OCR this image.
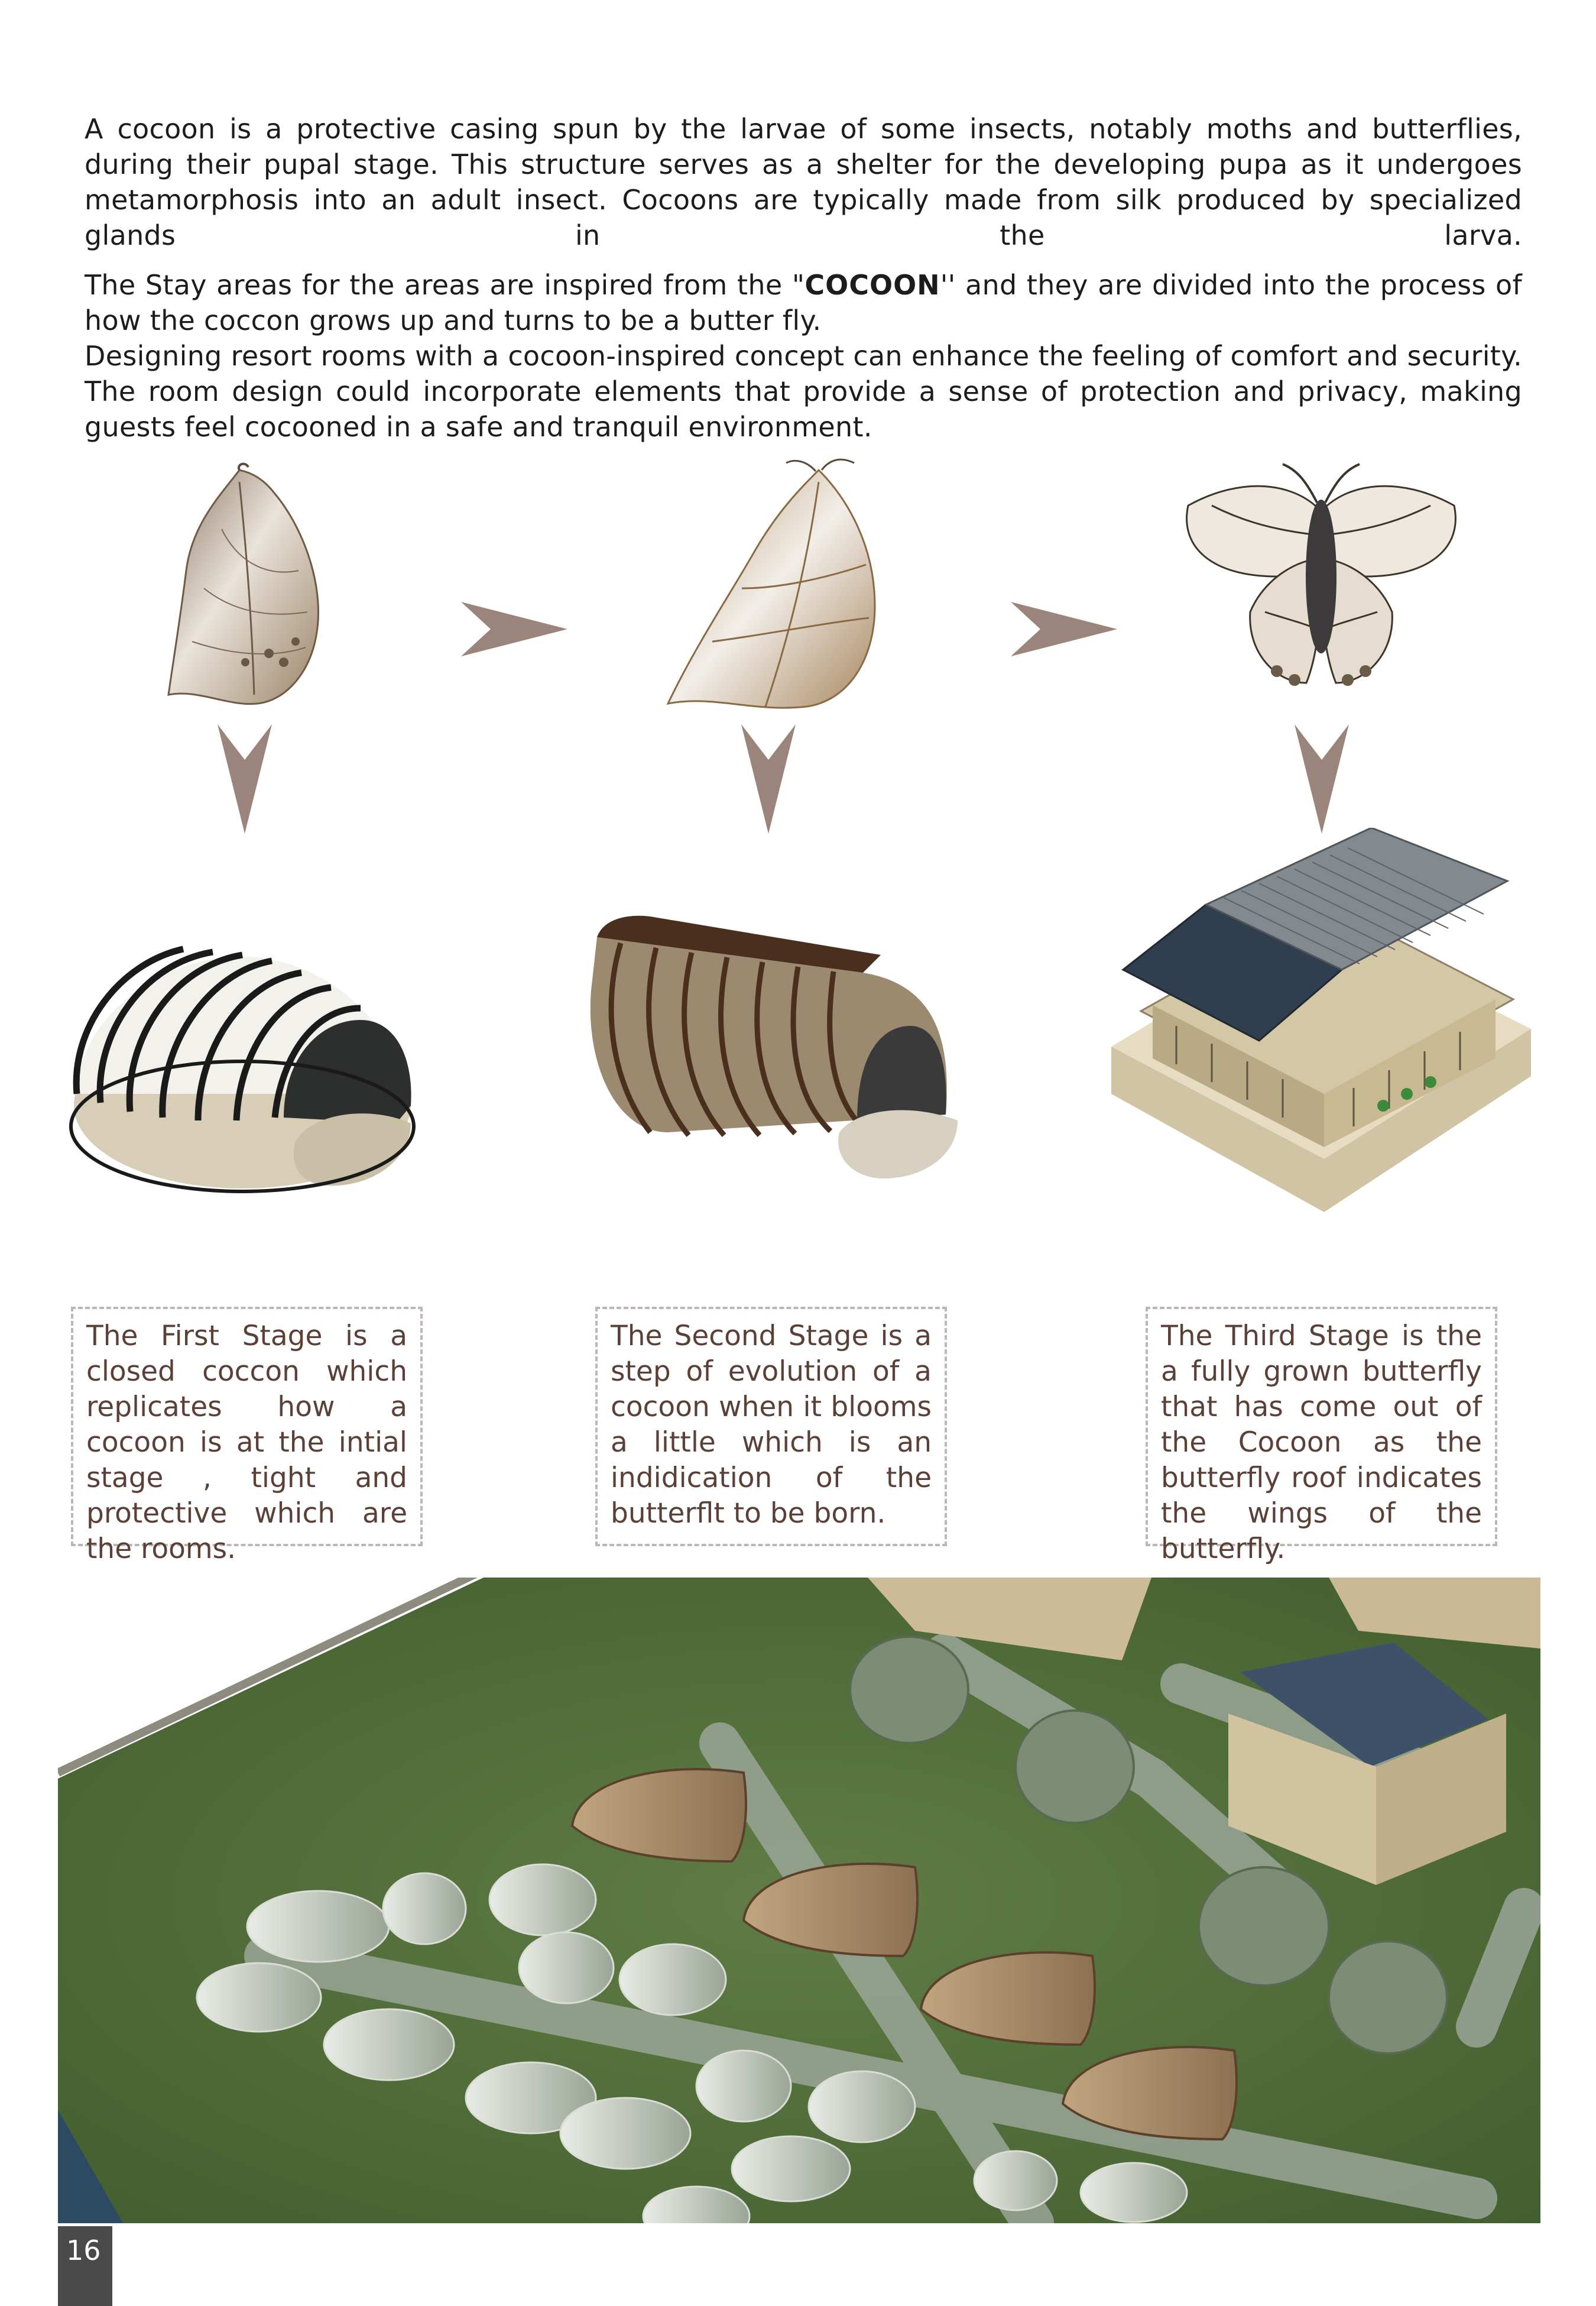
A cocoon is a protective casing spun by the larvae of some insects, notably moths and butterflies, during their pupal stage. This structure serves as a shelter for the developing pupa as it undergoes metamorphosis into an adult insect. Cocoons are typically made from silk produced by specialized glands in the larva.

The Stay areas for the areas are inspired from the "COCOON'' and they are divided into the process of how the coccon grows up and turns to be a butter fly.

Designing resort rooms with a cocoon-inspired concept can enhance the feeling of comfort and security. The room design could incorporate elements that provide a sense of protection and privacy, making guests feel cocooned in a safe and tranquil environment.

The First Stage is a closed coccon which replicates how a cocoon is at the intial stage , tight and protective which are the rooms.

The Second Stage is a step of evolution of a cocoon when it blooms a little which is an indidication of the butterflt to be born.

The Third Stage is the a fully grown butterfly that has come out of the Cocoon as the butterfly roof indicates the wings of the butterfly.

16
